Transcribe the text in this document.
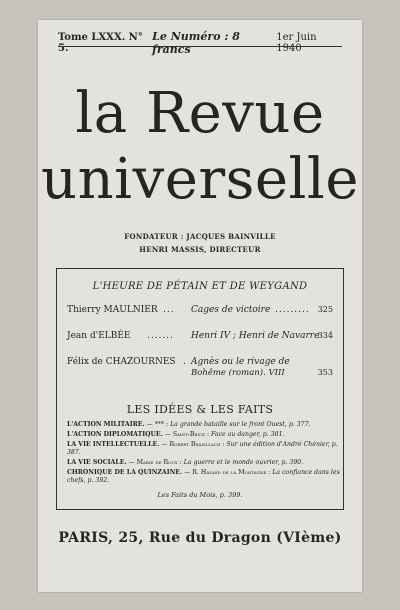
Tome LXXX. N° 5.
Le Numéro : 8 francs
1er Juin 1940
la Revue
universelle
FONDATEUR : JACQUES BAINVILLE
HENRI MASSIS, DIRECTEUR
L'HEURE DE PÉTAIN ET DE WEYGAND
Thierry MAULNIER ... Cages de victoire ......... 325
Jean d'ELBÉE ....... Henri IV ; Henri de Navarre
334
Félix de CHAZOURNES . Agnès ou le rivage de
Bohême (roman). VIII	353
LES IDÉES & LES FAITS
L'ACTION MILITAIRE. — *** : La grande bataille sur le front Ouest, p. 377.
L'ACTION DIPLOMATIQUE. — Saint-Brice : Face au danger, p. 381.
LA VIE INTELLECTUELLE. — Robert Brasillach : Sur une édition d'André Chénier, p. 387.
LA VIE SOCIALE. — Marie de Roux : La guerre et le monde ouvrier, p. 390.
CHRONIQUE DE LA QUINZAINE. — R. Havard de la Montagne : La confiance dans les chefs, p. 392.
Les Faits du Mois, p. 399.
PARIS, 25, Rue du Dragon (VIème)
